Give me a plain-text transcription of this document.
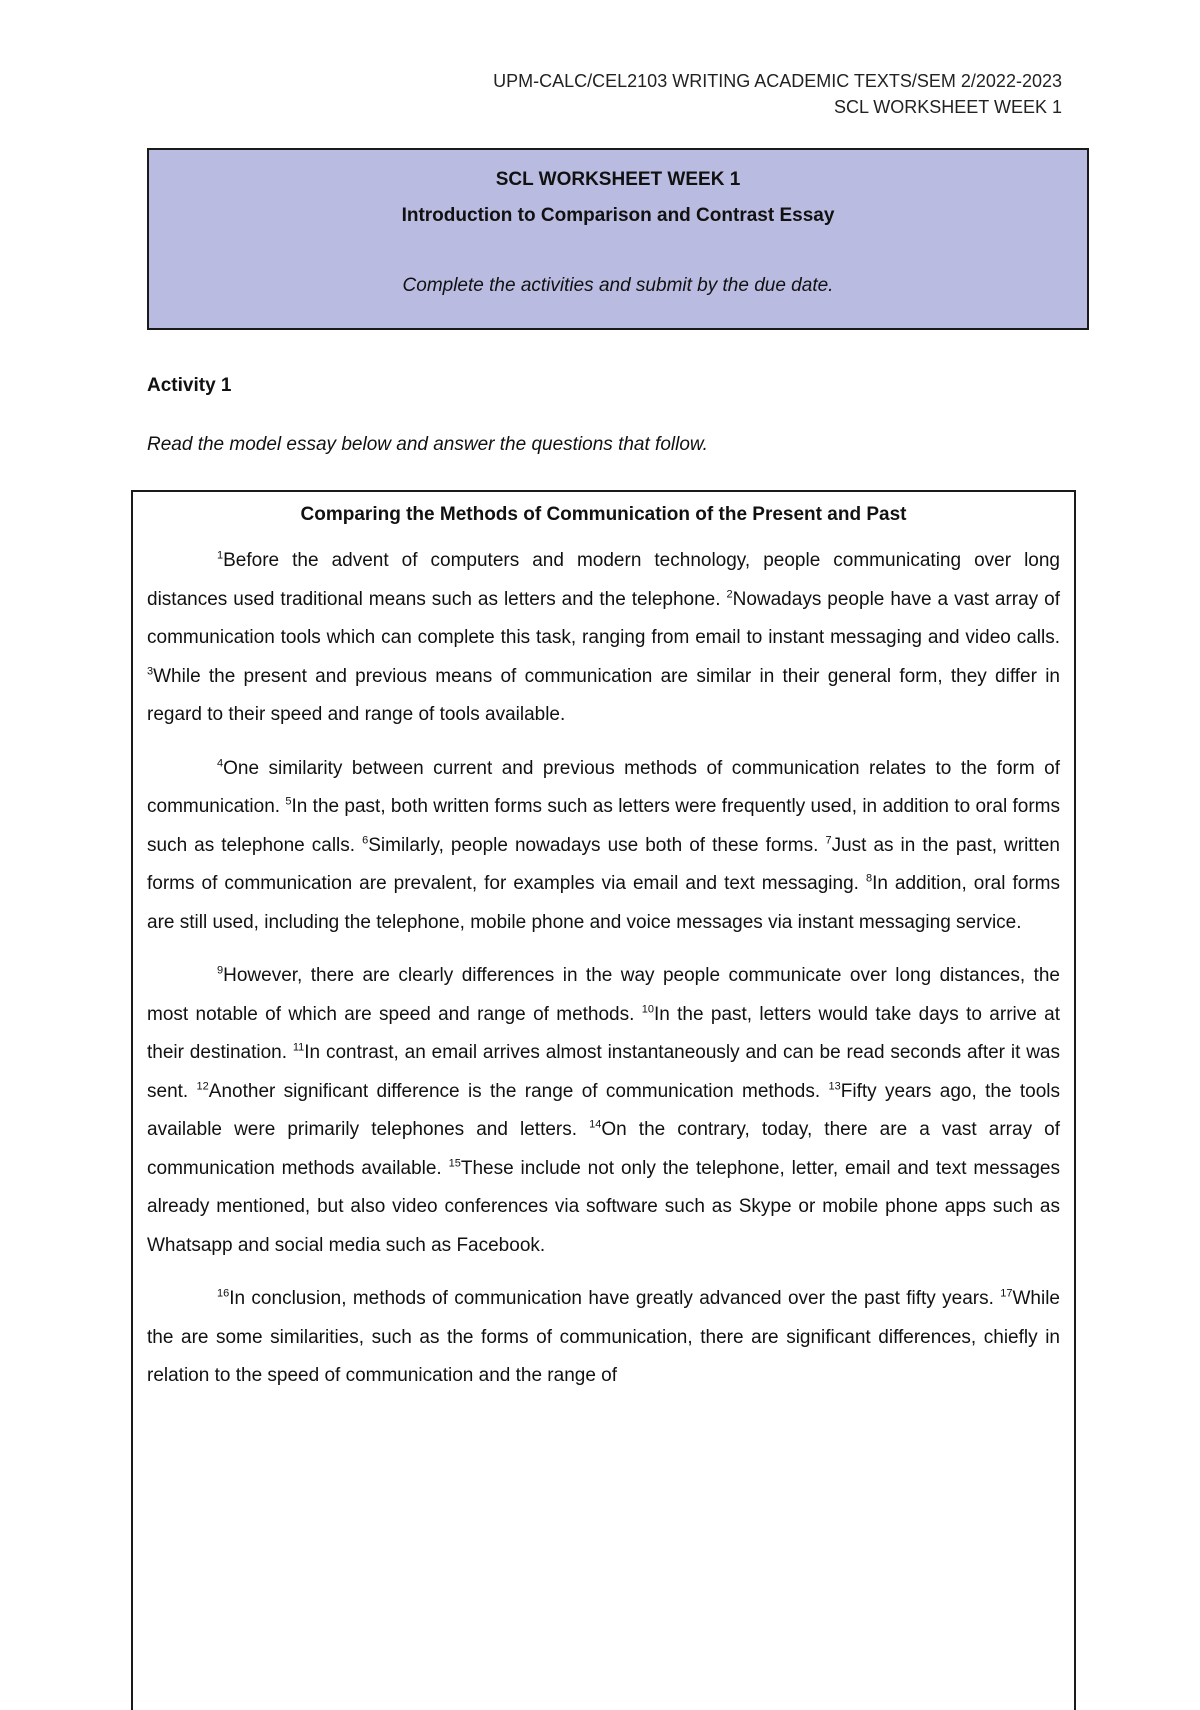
UPM-CALC/CEL2103 WRITING ACADEMIC TEXTS/SEM 2/2022-2023
SCL WORKSHEET WEEK 1
SCL WORKSHEET WEEK 1
Introduction to Comparison and Contrast Essay
Complete the activities and submit by the due date.
Activity 1
Read the model essay below and answer the questions that follow.
Comparing the Methods of Communication of the Present and Past

$^1$Before the advent of computers and modern technology, people communicating over long distances used traditional means such as letters and the telephone. $^2$Nowadays people have a vast array of communication tools which can complete this task, ranging from email to instant messaging and video calls. $^3$While the present and previous means of communication are similar in their general form, they differ in regard to their speed and range of tools available.

$^4$One similarity between current and previous methods of communication relates to the form of communication. $^5$In the past, both written forms such as letters were frequently used, in addition to oral forms such as telephone calls. $^6$Similarly, people nowadays use both of these forms. $^7$Just as in the past, written forms of communication are prevalent, for examples via email and text messaging. $^8$In addition, oral forms are still used, including the telephone, mobile phone and voice messages via instant messaging service.

$^9$However, there are clearly differences in the way people communicate over long distances, the most notable of which are speed and range of methods. $^{10}$In the past, letters would take days to arrive at their destination. $^{11}$In contrast, an email arrives almost instantaneously and can be read seconds after it was sent. $^{12}$Another significant difference is the range of communication methods. $^{13}$Fifty years ago, the tools available were primarily telephones and letters. $^{14}$On the contrary, today, there are a vast array of communication methods available. $^{15}$These include not only the telephone, letter, email and text messages already mentioned, but also video conferences via software such as Skype or mobile phone apps such as Whatsapp and social media such as Facebook.

$^{16}$In conclusion, methods of communication have greatly advanced over the past fifty years. $^{17}$While the are some similarities, such as the forms of communication, there are significant differences, chiefly in relation to the speed of communication and the range of
